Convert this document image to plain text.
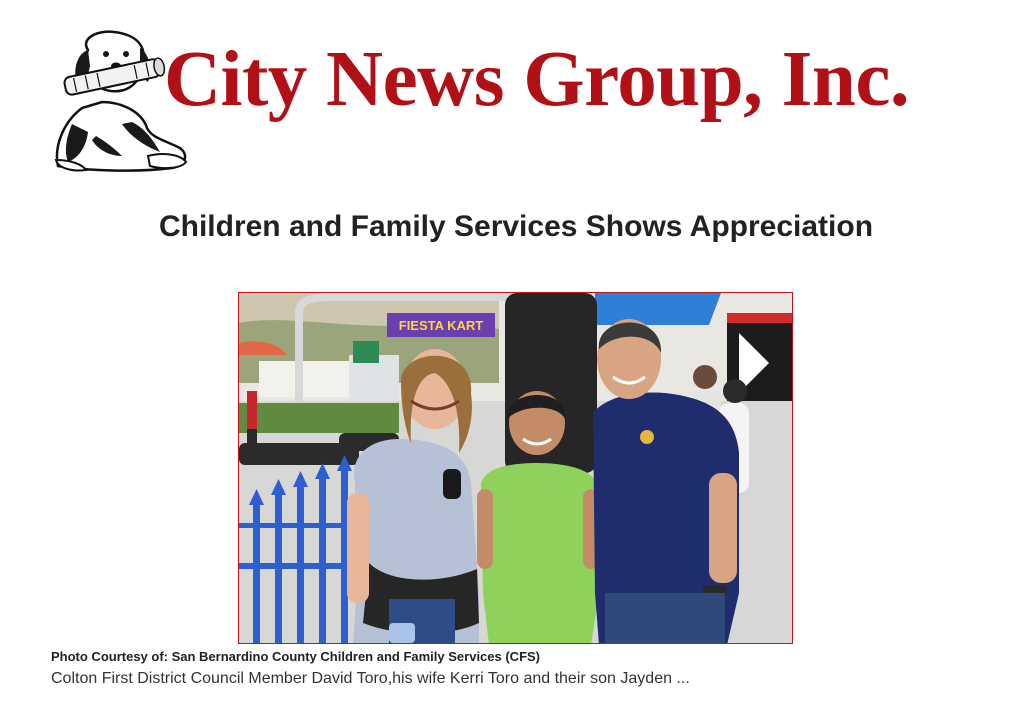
City News Group, Inc.
Children and Family Services Shows Appreciation
FIESTA KART
Photo Courtesy of: San Bernardino County Children and Family Services (CFS)
Colton First District Council Member David Toro,his wife Kerri Toro and their son Jayden ...
